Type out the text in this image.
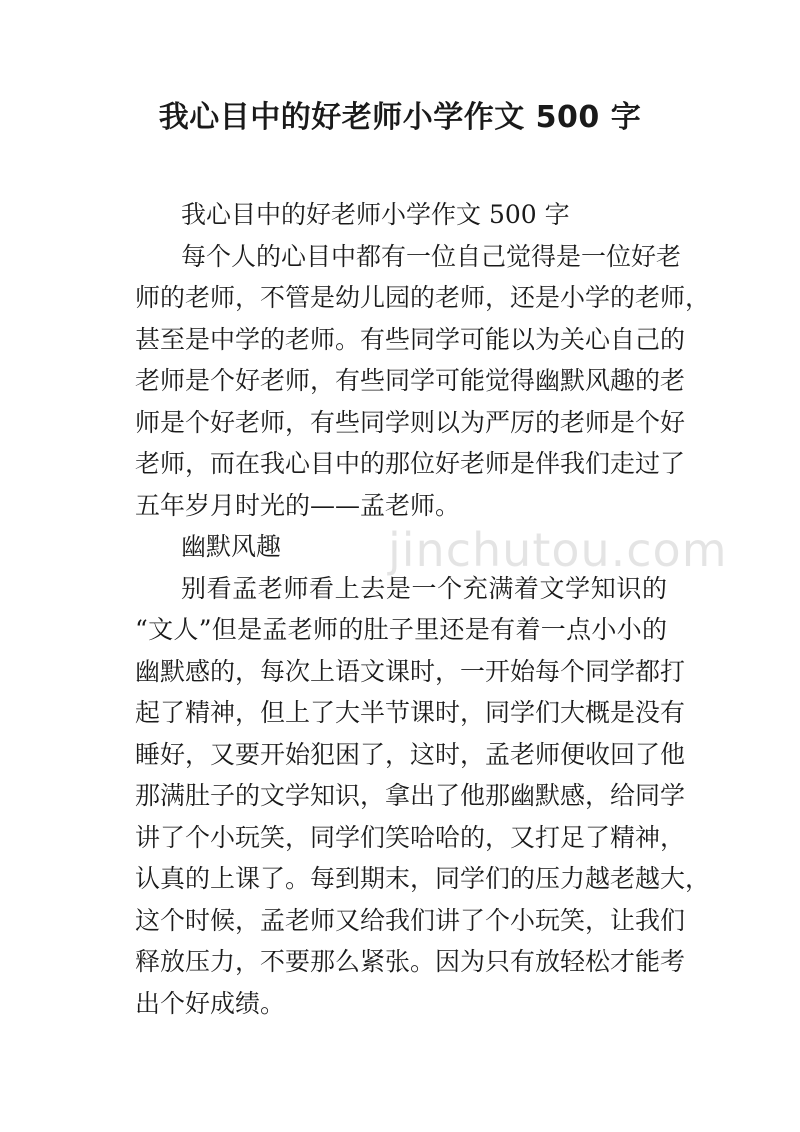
我心目中的好老师小学作文 500 字

我心目中的好老师小学作文 500 字

每个人的心目中都有一位自己觉得是一位好老

师的老师，不管是幼儿园的老师，还是小学的老师，

甚至是中学的老师。有些同学可能以为关心自己的

老师是个好老师，有些同学可能觉得幽默风趣的老

师是个好老师，有些同学则以为严厉的老师是个好

老师，而在我心目中的那位好老师是伴我们走过了

五年岁月时光的——孟老师。

幽默风趣

别看孟老师看上去是一个充满着文学知识的

“文人”但是孟老师的肚子里还是有着一点小小的

幽默感的，每次上语文课时，一开始每个同学都打

起了精神，但上了大半节课时，同学们大概是没有

睡好，又要开始犯困了，这时，孟老师便收回了他

那满肚子的文学知识，拿出了他那幽默感，给同学

讲了个小玩笑，同学们笑哈哈的，又打足了精神，

认真的上课了。每到期末，同学们的压力越老越大，

这个时候，孟老师又给我们讲了个小玩笑，让我们

释放压力，不要那么紧张。因为只有放轻松才能考

出个好成绩。

jinchutou.com
